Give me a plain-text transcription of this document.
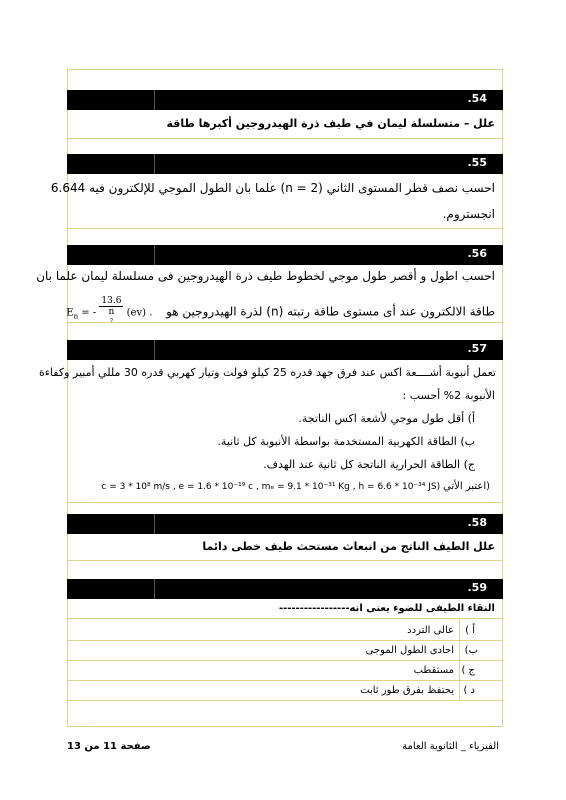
.54
علل – متسلسلة ليمان في طيف ذرة الهيدروجين أكبرها طاقة
.55
احسب نصف قطر المستوى الثاني (n = 2) علما بان الطول الموجي للإلكترون فيه 6.644
انجستروم.
.56
احسب اطول و أقصر طول موجي لخطوط طيف ذرة الهيدروجين فى مسلسلة ليمان علما بان
طاقة الالكترون عند أى مستوى طاقة رتبته (n) لذرة الهيدروجين هو  $E_n$ = - 13.6
n
$^2$ (ev) .
.57
تعمل أنبوبة أشــــعة اكس عند فرق جهد قدره 25 كيلو فولت وتيار كهربي قدره 30 مللي أمبير وكفاءة
الأنبوبة 2% أحسب :
أ) أقل طول موجي لأشعة اكس الناتجة.
ب) الطاقة الكهربية المستخدمة بواسطة الأنبوبة كل ثانية.
ج) الطاقة الحرارية الناتجة كل ثانية عند الهدف.
(اعتبر الأتي c = 3 * 10⁸ m/s , e = 1.6 * 10⁻¹⁹ c , mₑ = 9.1 * 10⁻³¹ Kg , h = 6.6 * 10⁻³⁴ JS)
.58
علل الطيف الناتج من انبعاث مستحث طيف خطى دائما
.59
النقاء الطيفى للضوء يعنى انه-----------------
أ )
عالى التردد
ب)
احادى الطول الموجى
ج )
مستقطب
د )
يحتفظ بفرق طور ثابت
الفيزياء _ الثانوية العامة
صفحة 11 من 13
